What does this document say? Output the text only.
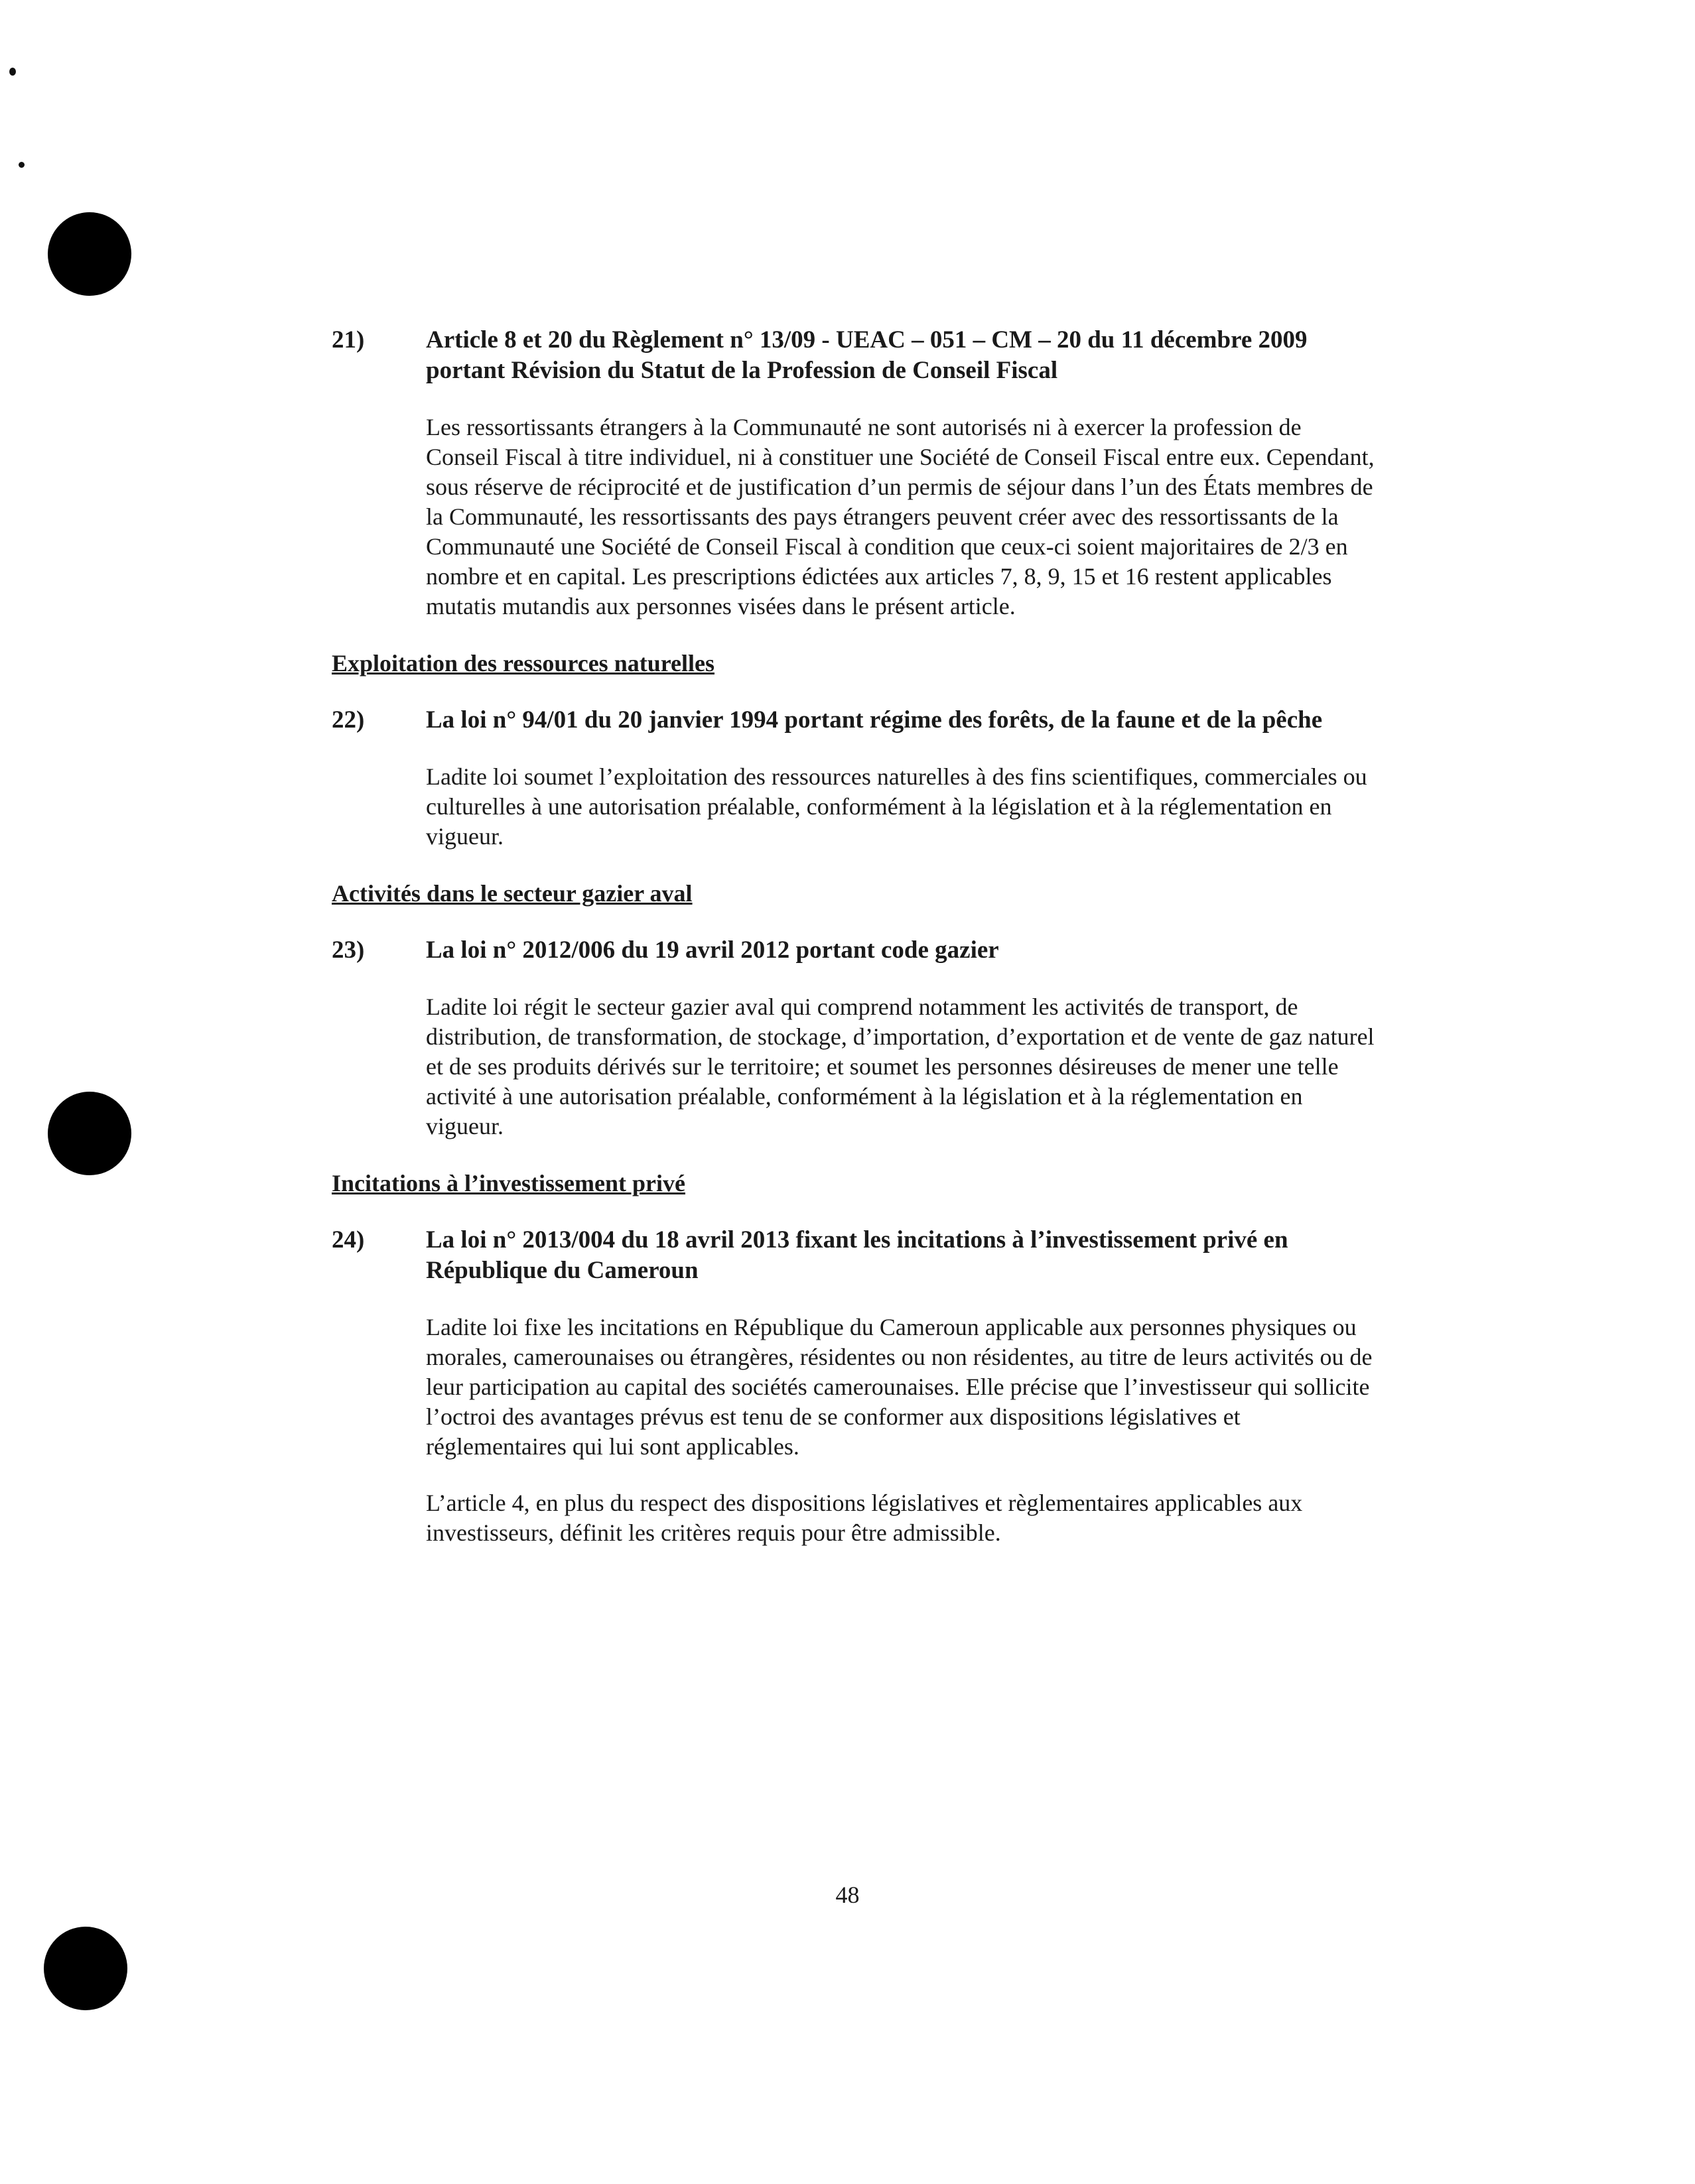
21)	Article 8 et 20 du Règlement n° 13/09 - UEAC – 051 – CM – 20 du 11 décembre 2009 portant Révision du Statut de la Profession de Conseil Fiscal
Les ressortissants étrangers à la Communauté ne sont autorisés ni à exercer la profession de Conseil Fiscal à titre individuel, ni à constituer une Société de Conseil Fiscal entre eux. Cependant, sous réserve de réciprocité et de justification d’un permis de séjour dans l’un des États membres de la Communauté, les ressortissants des pays étrangers peuvent créer avec des ressortissants de la Communauté une Société de Conseil Fiscal à condition que ceux-ci soient majoritaires de 2/3 en nombre et en capital. Les prescriptions édictées aux articles 7, 8, 9, 15 et 16 restent applicables mutatis mutandis aux personnes visées dans le présent article.
Exploitation des ressources naturelles
22)	La loi n° 94/01 du 20 janvier 1994 portant régime des forêts, de la faune et de la pêche
Ladite loi soumet l’exploitation des ressources naturelles à des fins scientifiques, commerciales ou culturelles à une autorisation préalable, conformément à la législation et à la réglementation en vigueur.
Activités dans le secteur gazier aval
23)	La loi n° 2012/006 du 19 avril 2012 portant code gazier
Ladite loi régit le secteur gazier aval qui comprend notamment les activités de transport, de distribution, de transformation, de stockage, d’importation, d’exportation et de vente de gaz naturel et de ses produits dérivés sur le territoire; et soumet les personnes désireuses de mener une telle activité à une autorisation préalable, conformément à la législation et à la réglementation en vigueur.
Incitations à l’investissement privé
24)	La loi n° 2013/004 du 18 avril 2013 fixant les incitations à l’investissement privé en République du Cameroun
Ladite loi fixe les incitations en République du Cameroun applicable aux personnes physiques ou morales, camerounaises ou étrangères, résidentes ou non résidentes, au titre de leurs activités ou de leur participation au capital des sociétés camerounaises. Elle précise que l’investisseur qui sollicite l’octroi des avantages prévus est tenu de se conformer aux dispositions législatives et réglementaires qui lui sont applicables.
L’article 4, en plus du respect des dispositions législatives et règlementaires applicables aux investisseurs, définit les critères requis pour être admissible.
48
